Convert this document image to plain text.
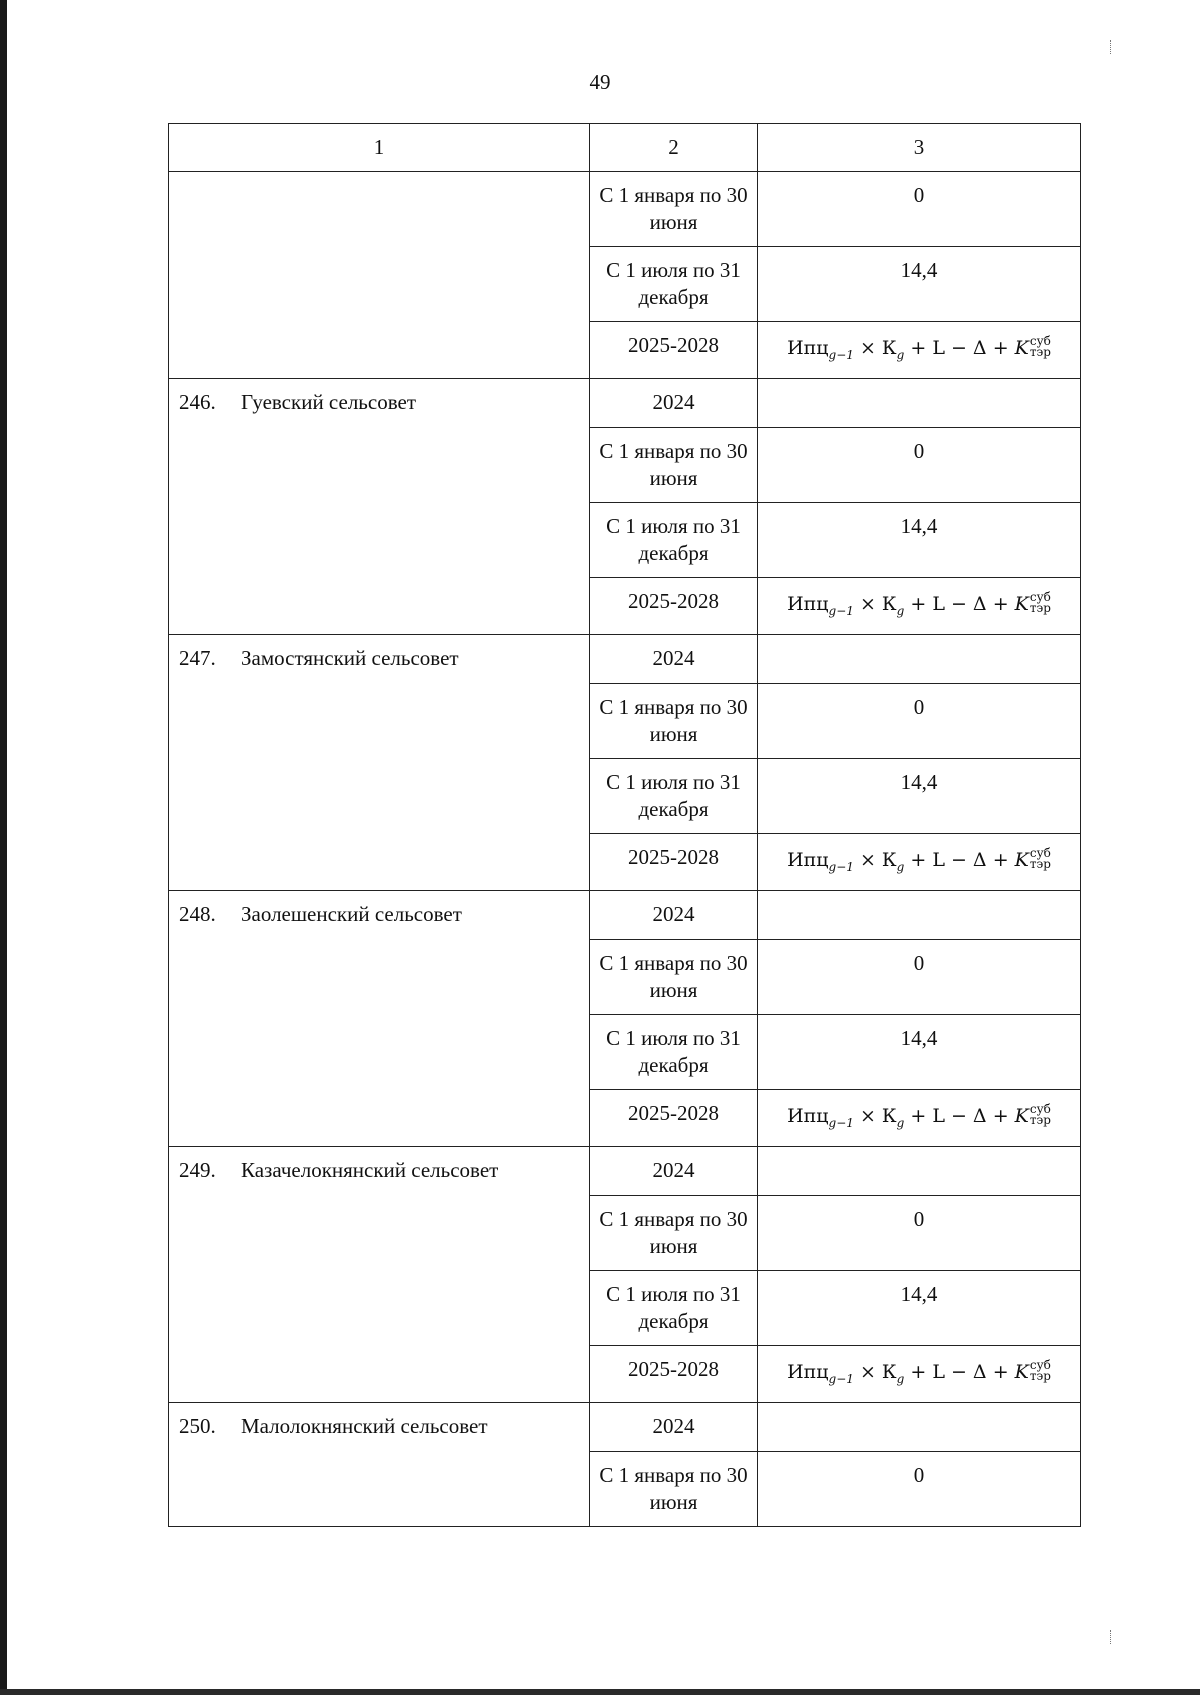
49
1	2	3

	С 1 января по 30 июня	0

	С 1 июля по 31 декабря	14,4

	2025-2028	$Ипц_{g-1} \times К_g + L - \Delta + K$ суб
тэр

246. Гуевский сельсовет	2024	

	С 1 января по 30 июня	0

	С 1 июля по 31 декабря	14,4

	2025-2028	$Ипц_{g-1} \times К_g + L - \Delta + K$ суб
тэр

247. Замостянский сельсовет	2024	

	С 1 января по 30 июня	0

	С 1 июля по 31 декабря	14,4

	2025-2028	$Ипц_{g-1} \times К_g + L - \Delta + K$ суб
тэр

248. Заолешенский сельсовет	2024	

	С 1 января по 30 июня	0

	С 1 июля по 31 декабря	14,4

	2025-2028	$Ипц_{g-1} \times К_g + L - \Delta + K$ суб
тэр

249. Казачелокнянский сельсовет	2024	

	С 1 января по 30 июня	0

	С 1 июля по 31 декабря	14,4

	2025-2028	$Ипц_{g-1} \times К_g + L - \Delta + K$ суб
тэр

250. Малолокнянский сельсовет	2024	

	С 1 января по 30 июня	0
